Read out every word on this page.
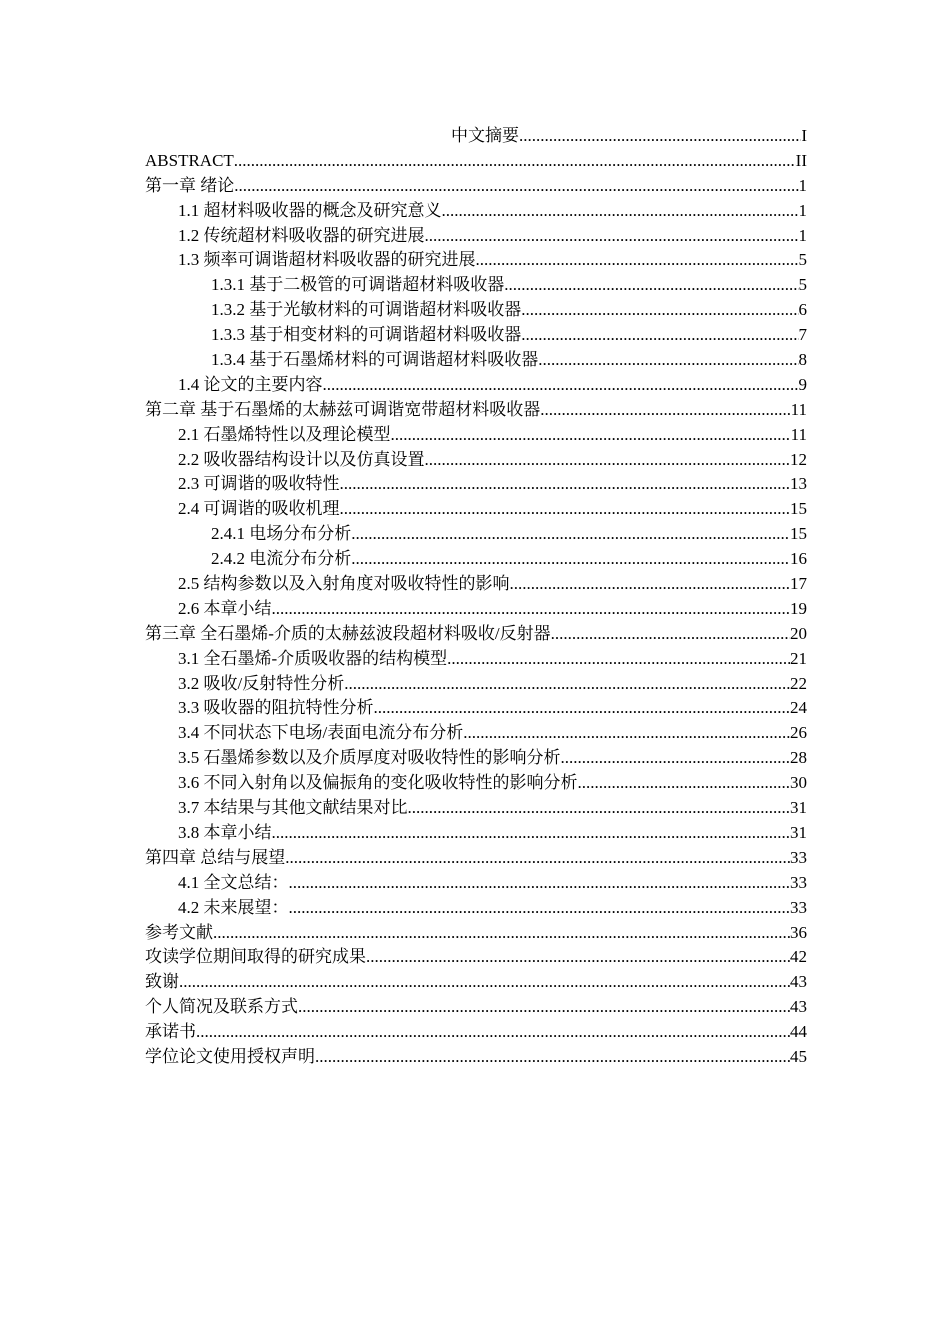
中文摘要 .....	I
ABSTRACT .....	II
第一章 绪论 .....	1
1.1 超材料吸收器的概念及研究意义 .....	1
1.2 传统超材料吸收器的研究进展 .....	1
1.3 频率可调谐超材料吸收器的研究进展 .....	5
1.3.1 基于二极管的可调谐超材料吸收器 .....	5
1.3.2 基于光敏材料的可调谐超材料吸收器 .....	6
1.3.3 基于相变材料的可调谐超材料吸收器 .....	7
1.3.4 基于石墨烯材料的可调谐超材料吸收器 .....	8
1.4 论文的主要内容 .....	9
第二章 基于石墨烯的太赫兹可调谐宽带超材料吸收器 .....	11
2.1 石墨烯特性以及理论模型 .....	11
2.2 吸收器结构设计以及仿真设置 .....	12
2.3 可调谐的吸收特性 .....	13
2.4 可调谐的吸收机理 .....	15
2.4.1 电场分布分析 .....	15
2.4.2 电流分布分析 .....	16
2.5 结构参数以及入射角度对吸收特性的影响 .....	17
2.6 本章小结 .....	19
第三章 全石墨烯-介质的太赫兹波段超材料吸收/反射器 .....	20
3.1 全石墨烯-介质吸收器的结构模型 .....	21
3.2 吸收/反射特性分析 .....	22
3.3 吸收器的阻抗特性分析 .....	24
3.4 不同状态下电场/表面电流分布分析 .....	26
3.5 石墨烯参数以及介质厚度对吸收特性的影响分析 .....	28
3.6 不同入射角以及偏振角的变化吸收特性的影响分析 .....	30
3.7 本结果与其他文献结果对比 .....	31
3.8 本章小结 .....	31
第四章 总结与展望 .....	33
4.1 全文总结： .....	33
4.2 未来展望： .....	33
参考文献 .....	36
攻读学位期间取得的研究成果 .....	42
致谢 .....	43
个人简况及联系方式 .....	43
承诺书 .....	44
学位论文使用授权声明 .....	45
